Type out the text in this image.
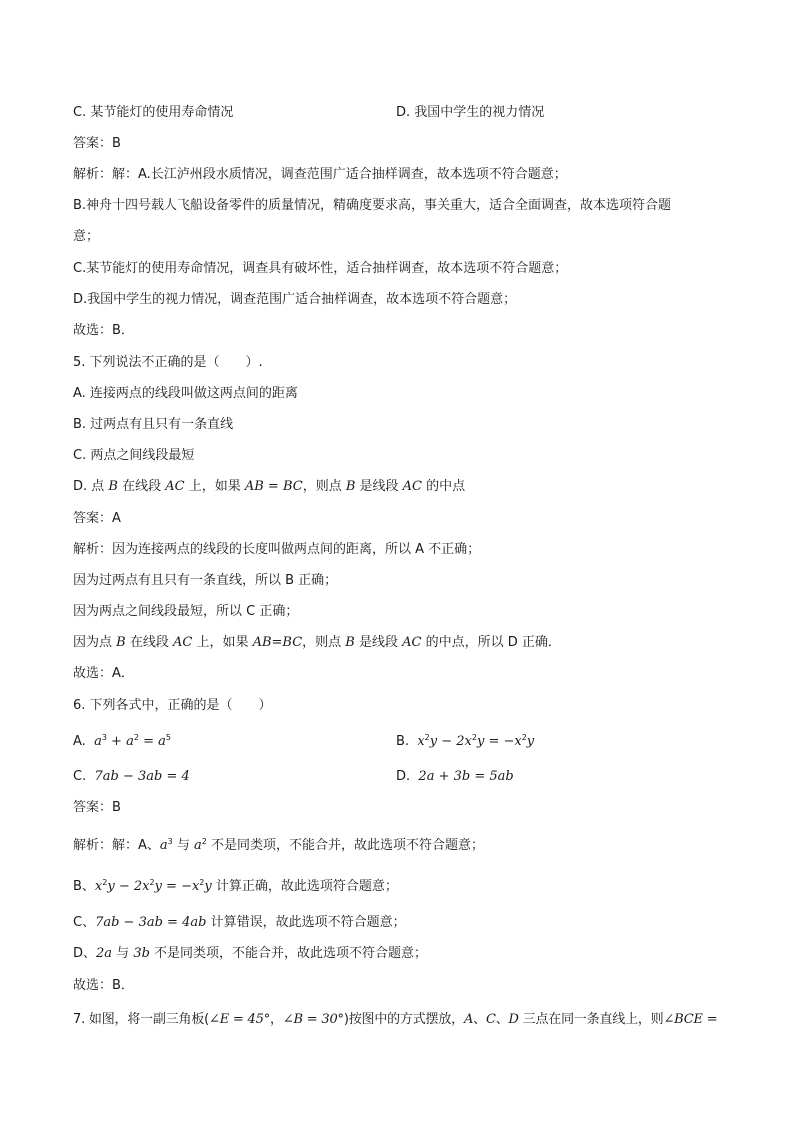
C. 某节能灯的使用寿命情况	D. 我国中学生的视力情况
答案：B
解析：解：A.长江泸州段水质情况，调查范围广适合抽样调查，故本选项不符合题意；
B.神舟十四号载人飞船设备零件的质量情况，精确度要求高，事关重大，适合全面调查，故本选项符合题
意；
C.某节能灯的使用寿命情况，调查具有破坏性，适合抽样调查，故本选项不符合题意；
D.我国中学生的视力情况，调查范围广适合抽样调查，故本选项不符合题意；
故选：B．
5. 下列说法不正确的是（　　）.
A. 连接两点的线段叫做这两点间的距离
B. 过两点有且只有一条直线
C. 两点之间线段最短
D. 点 B 在线段 AC 上，如果 AB = BC，则点 B 是线段 AC 的中点
答案：A
解析：因为连接两点的线段的长度叫做两点间的距离，所以 A 不正确；
因为过两点有且只有一条直线，所以 B 正确；
因为两点之间线段最短，所以 C 正确；
因为点 B 在线段 AC 上，如果 AB=BC，则点 B 是线段 AC 的中点，所以 D 正确．
故选：A．
6. 下列各式中，正确的是（　　）
A. $a^3 + a^2 = a^5$	B. $x^2y - 2x^2y = -x^2y$
C. 7ab − 3ab = 4	D. 2a + 3b = 5ab
答案：B
解析：解：A、$a^3$ 与 $a^2$ 不是同类项，不能合并，故此选项不符合题意；
B、$x^2y - 2x^2y = -x^2y$ 计算正确，故此选项符合题意；
C、7ab − 3ab = 4ab 计算错误，故此选项不符合题意；
D、2a 与 3b 不是同类项，不能合并，故此选项不符合题意；
故选：B．
7. 如图，将一副三角板(∠E = 45°，∠B = 30°)按图中的方式摆放，A、C、D 三点在同一条直线上，则∠BCE =
